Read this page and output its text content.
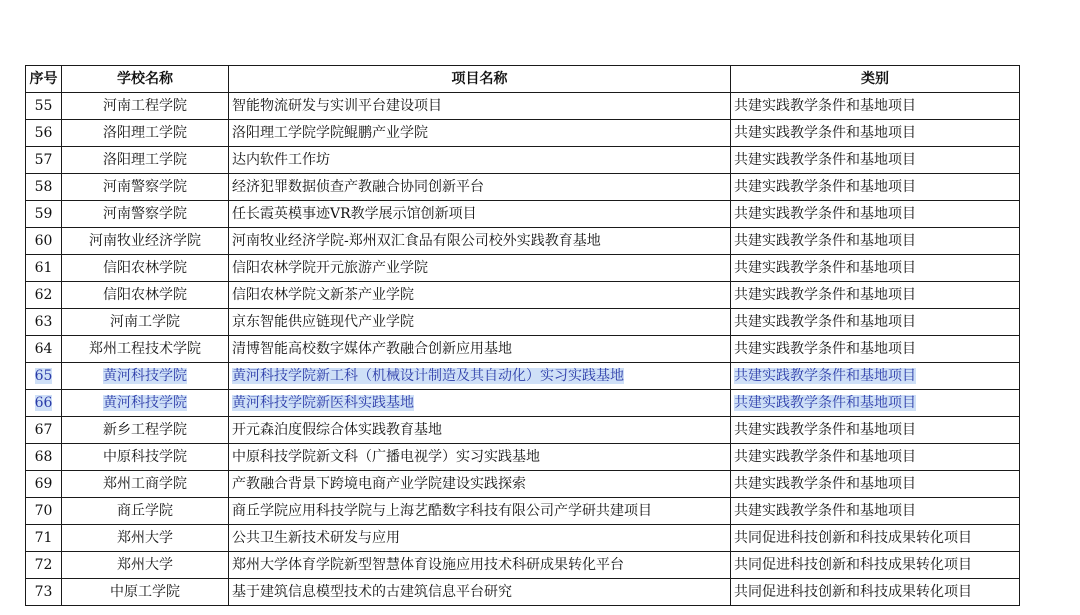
序号	学校名称	项目名称	类别
55	河南工程学院	智能物流研发与实训平台建设项目	共建实践教学条件和基地项目
56	洛阳理工学院	洛阳理工学院学院鲲鹏产业学院	共建实践教学条件和基地项目
57	洛阳理工学院	达内软件工作坊	共建实践教学条件和基地项目
58	河南警察学院	经济犯罪数据侦查产教融合协同创新平台	共建实践教学条件和基地项目
59	河南警察学院	任长霞英模事迹VR教学展示馆创新项目	共建实践教学条件和基地项目
60	河南牧业经济学院	河南牧业经济学院-郑州双汇食品有限公司校外实践教育基地	共建实践教学条件和基地项目
61	信阳农林学院	信阳农林学院开元旅游产业学院	共建实践教学条件和基地项目
62	信阳农林学院	信阳农林学院文新茶产业学院	共建实践教学条件和基地项目
63	河南工学院	京东智能供应链现代产业学院	共建实践教学条件和基地项目
64	郑州工程技术学院	清博智能高校数字媒体产教融合创新应用基地	共建实践教学条件和基地项目
65	黄河科技学院	黄河科技学院新工科（机械设计制造及其自动化）实习实践基地	共建实践教学条件和基地项目
66	黄河科技学院	黄河科技学院新医科实践基地	共建实践教学条件和基地项目
67	新乡工程学院	开元森泊度假综合体实践教育基地	共建实践教学条件和基地项目
68	中原科技学院	中原科技学院新文科（广播电视学）实习实践基地	共建实践教学条件和基地项目
69	郑州工商学院	产教融合背景下跨境电商产业学院建设实践探索	共建实践教学条件和基地项目
70	商丘学院	商丘学院应用科技学院与上海艺酷数字科技有限公司产学研共建项目	共建实践教学条件和基地项目
71	郑州大学	公共卫生新技术研发与应用	共同促进科技创新和科技成果转化项目
72	郑州大学	郑州大学体育学院新型智慧体育设施应用技术科研成果转化平台	共同促进科技创新和科技成果转化项目
73	中原工学院	基于建筑信息模型技术的古建筑信息平台研究	共同促进科技创新和科技成果转化项目
